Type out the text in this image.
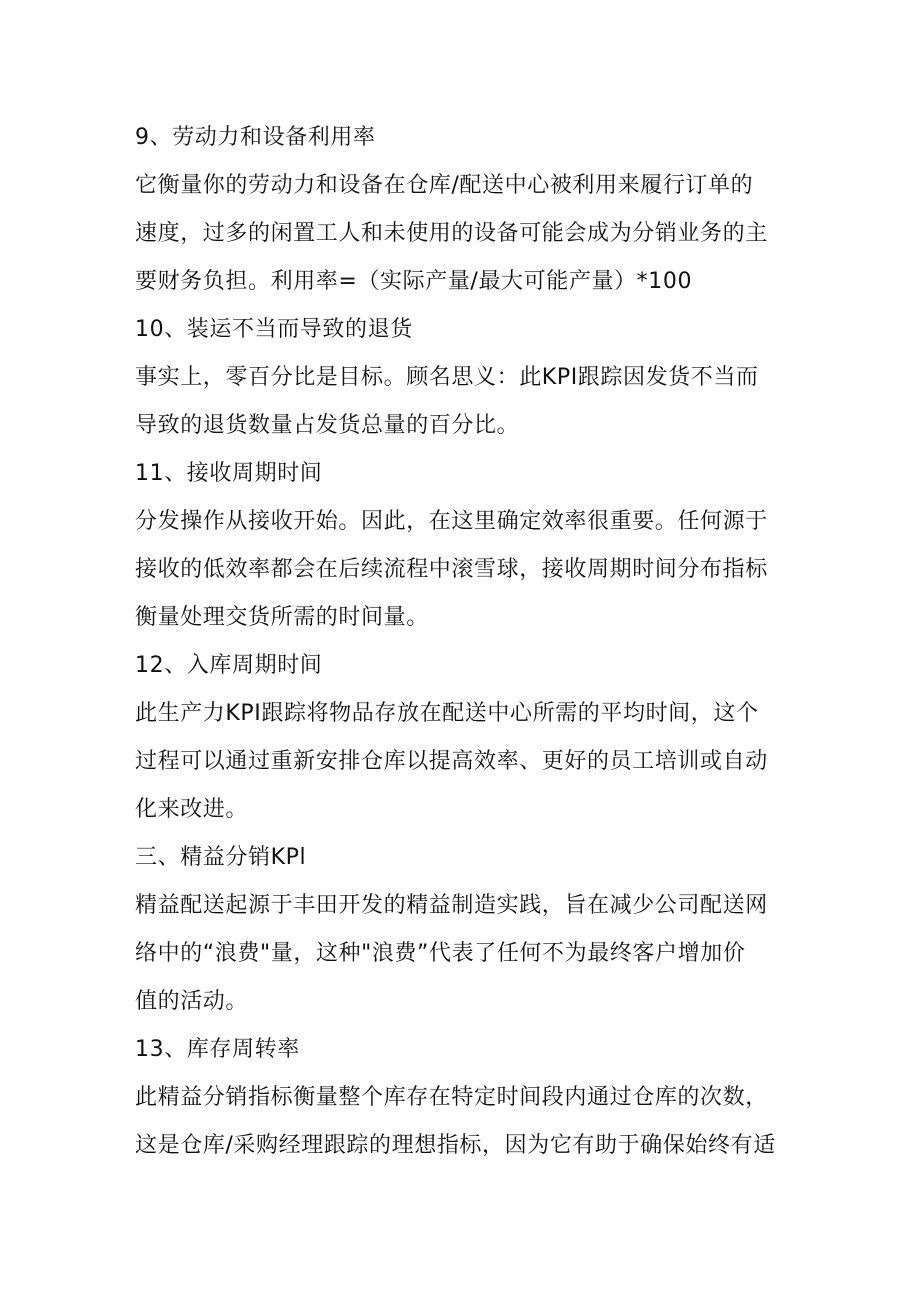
9、劳动力和设备利用率
它衡量你的劳动力和设备在仓库/配送中心被利用来履行订单的
速度，过多的闲置工人和未使用的设备可能会成为分销业务的主
要财务负担。利用率=（实际产量/最大可能产量）*100
10、装运不当而导致的退货
事实上，零百分比是目标。顾名思义：此KPI跟踪因发货不当而
导致的退货数量占发货总量的百分比。
11、接收周期时间
分发操作从接收开始。因此，在这里确定效率很重要。任何源于
接收的低效率都会在后续流程中滚雪球，接收周期时间分布指标
衡量处理交货所需的时间量。
12、入库周期时间
此生产力KPI跟踪将物品存放在配送中心所需的平均时间，这个
过程可以通过重新安排仓库以提高效率、更好的员工培训或自动
化来改进。
三、精益分销KPl
精益配送起源于丰田开发的精益制造实践，旨在减少公司配送网
络中的“浪费"量，这种"浪费”代表了任何不为最终客户增加价
值的活动。
13、库存周转率
此精益分销指标衡量整个库存在特定时间段内通过仓库的次数，
这是仓库/采购经理跟踪的理想指标，因为它有助于确保始终有适
